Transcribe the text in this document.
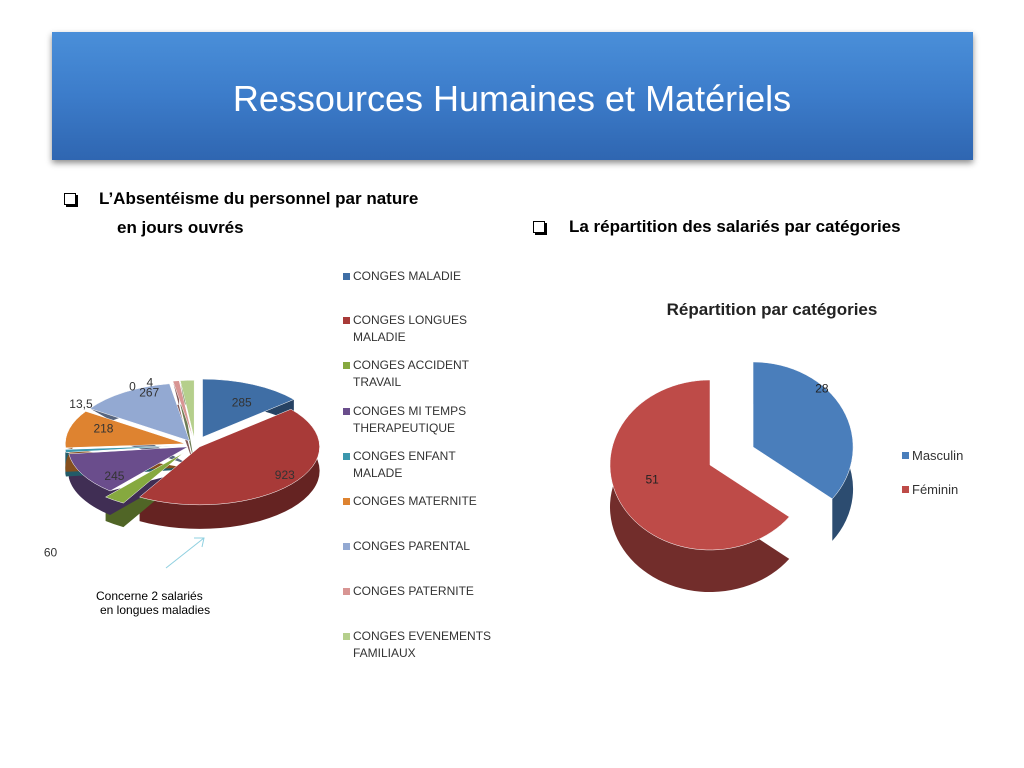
Ressources Humaines et Matériels
L’Absentéisme du personnel par nature
en jours ouvrés	La répartition des salariés par catégories
285
923
60
245
13,5
218
267
0 4
CONGES MALADIE
CONGES LONGUES MALADIE
CONGES ACCIDENT TRAVAIL
CONGES MI TEMPS THERAPEUTIQUE
CONGES ENFANT MALADE
CONGES MATERNITE
CONGES PARENTAL
CONGES PATERNITE
CONGES EVENEMENTS FAMILIAUX
Concerne 2 salariés
en longues maladies
Répartition par catégories
28
51
Masculin
Féminin
